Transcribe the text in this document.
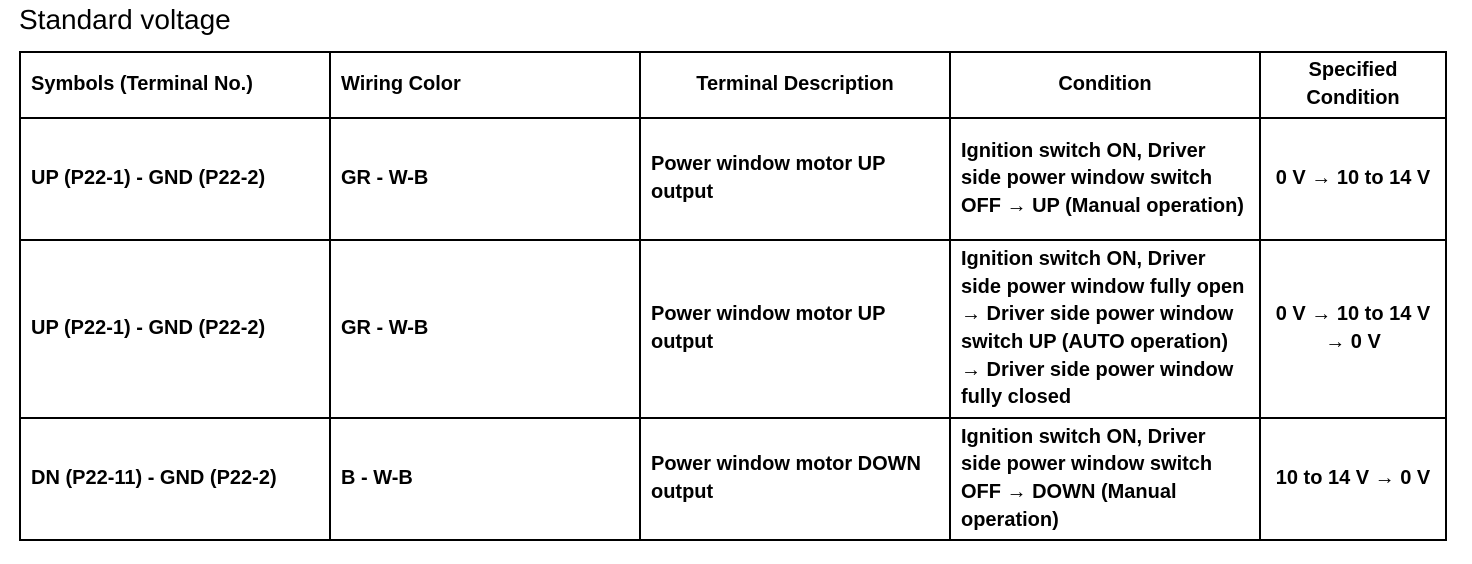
Standard voltage
Symbols (Terminal No.)	Wiring Color	Terminal Description	Condition	Specified Condition
UP (P22-1) - GND (P22-2)	GR - W-B	Power window motor UP output	Ignition switch ON, Driver side power window switch OFF → UP (Manual operation)	0 V → 10 to 14 V
UP (P22-1) - GND (P22-2)	GR - W-B	Power window motor UP output	Ignition switch ON, Driver side power window fully open → Driver side power window switch UP (AUTO operation) → Driver side power window fully closed	0 V → 10 to 14 V → 0 V
DN (P22-11) - GND (P22-2)	B - W-B	Power window motor DOWN output	Ignition switch ON, Driver side power window switch OFF → DOWN (Manual operation)	10 to 14 V → 0 V
